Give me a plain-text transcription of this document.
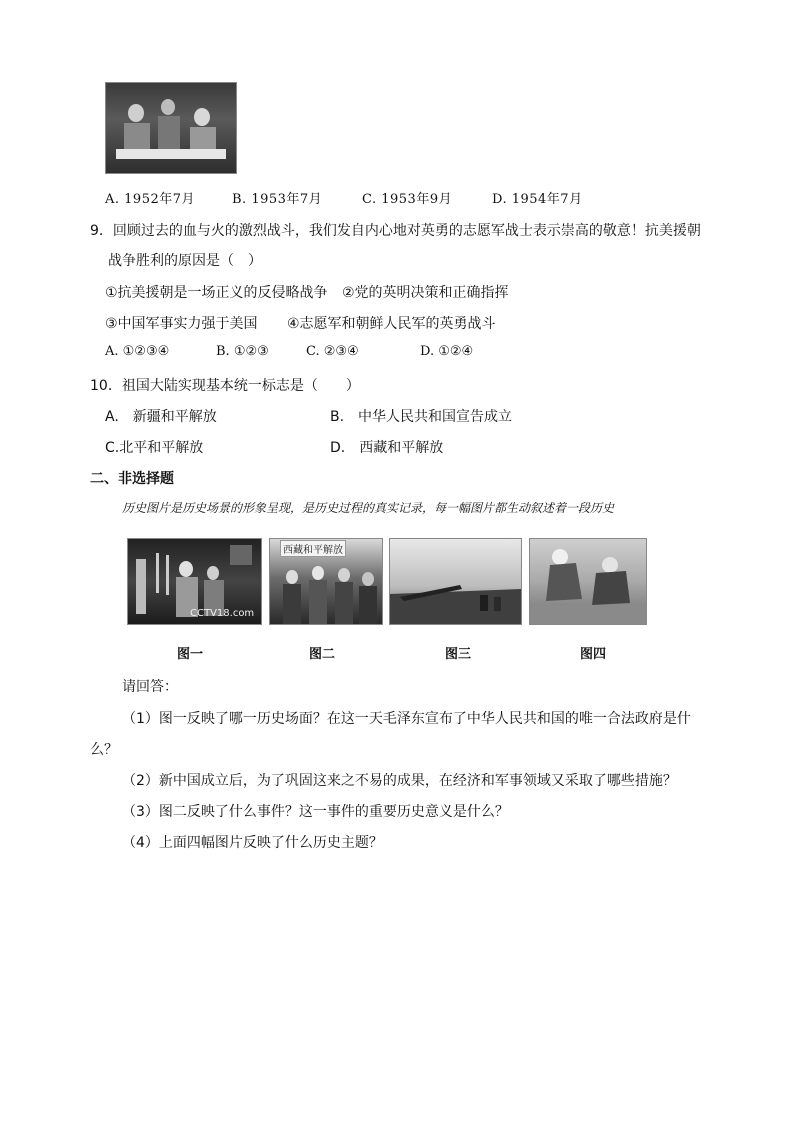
A. 1952年7月	B. 1953年7月	C. 1953年9月	D. 1954年7月
9．回顾过去的血与火的激烈战斗，我们发自内心地对英勇的志愿军战士表示崇高的敬意！抗美援朝
战争胜利的原因是（　）
①抗美援朝是一场正义的反侵略战争 ②党的英明决策和正确指挥
③中国军事实力强于美国 ④志愿军和朝鲜人民军的英勇战斗
A. ①②③④	B. ①②③	C. ②③④	D. ①②④
10．祖国大陆实现基本统一标志是（　　）
A.　新疆和平解放	B.　中华人民共和国宣告成立
C.北平和平解放	D.　西藏和平解放
二、非选择题
历史图片是历史场景的形象呈现，是历史过程的真实记录，每一幅图片都生动叙述着一段历史
CCTV18.com
西藏和平解放
图一	图二	图三	图四
请回答：
（1）图一反映了哪一历史场面？在这一天毛泽东宣布了中华人民共和国的唯一合法政府是什
么？
（2）新中国成立后，为了巩固这来之不易的成果，在经济和军事领域又采取了哪些措施？
（3）图二反映了什么事件？这一事件的重要历史意义是什么？
（4）上面四幅图片反映了什么历史主题？
